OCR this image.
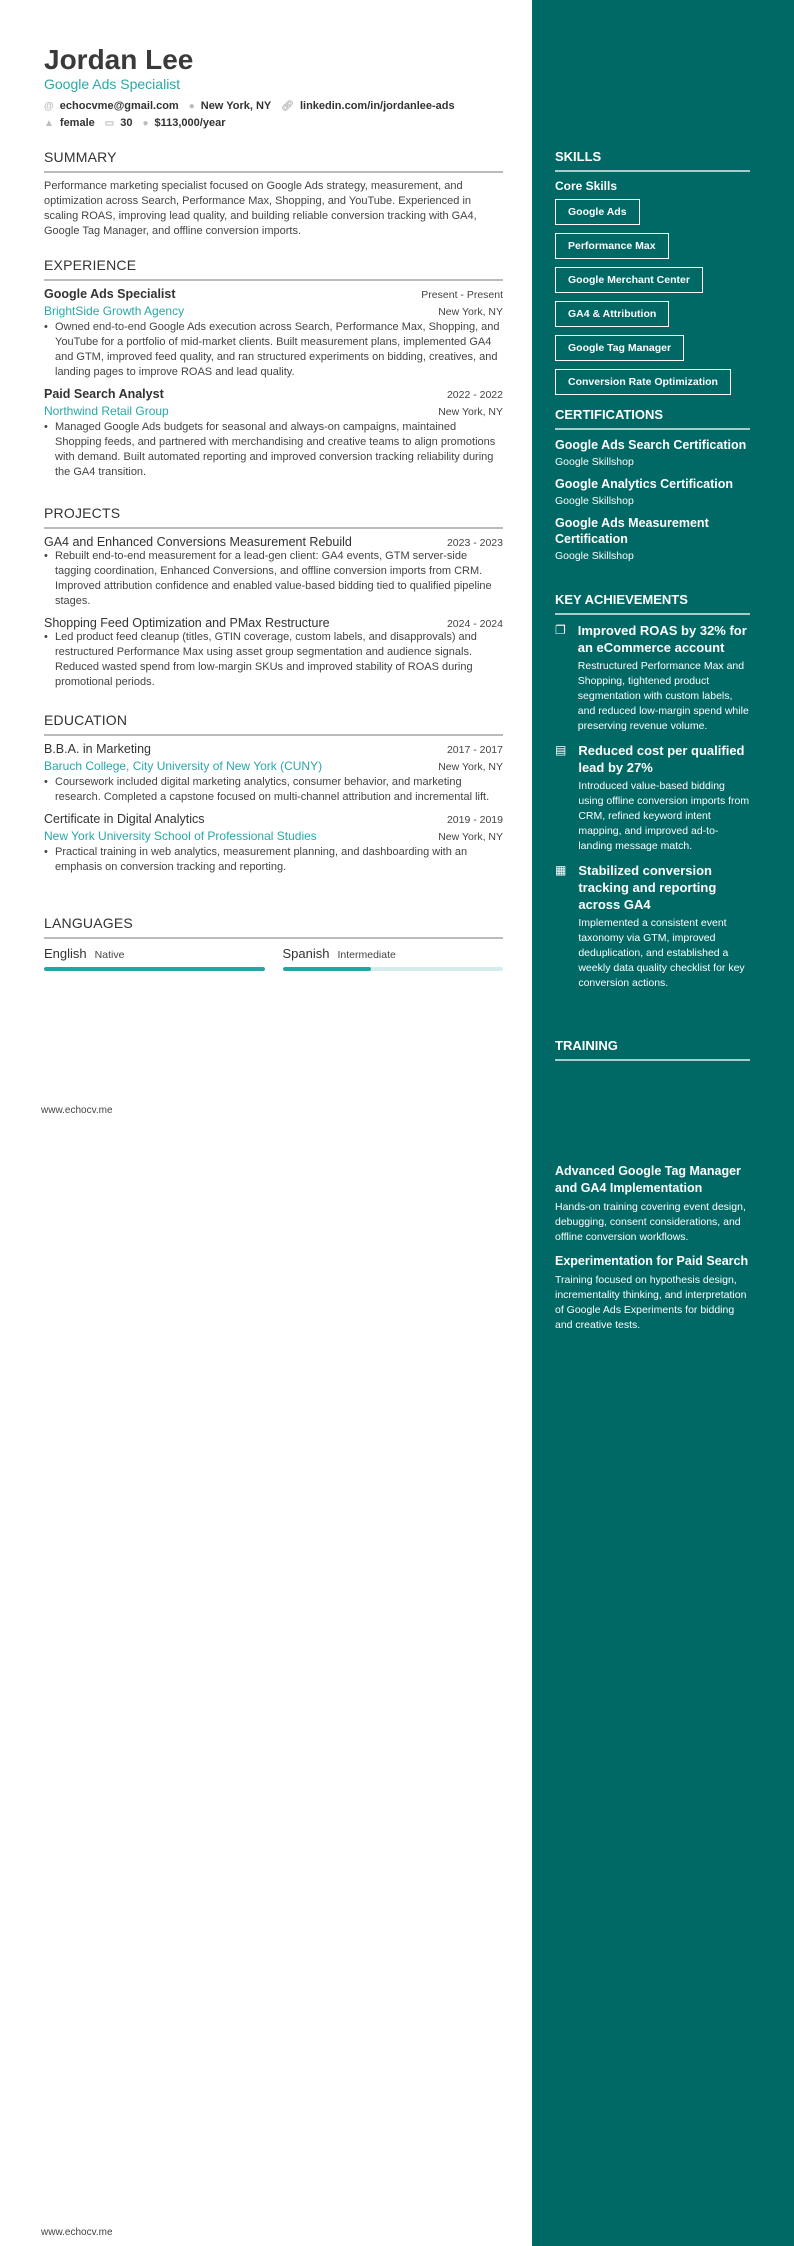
Jordan Lee
Google Ads Specialist
@ echocvme@gmail.com ● New York, NY 🔗︎ linkedin.com/in/jordanlee-ads
▲ female ▭ 30 ● $113,000/year
SUMMARY
Performance marketing specialist focused on Google Ads strategy, measurement, and optimization across Search, Performance Max, Shopping, and YouTube. Experienced in scaling ROAS, improving lead quality, and building reliable conversion tracking with GA4, Google Tag Manager, and offline conversion imports.
EXPERIENCE
Google Ads Specialist	Present - Present
BrightSide Growth Agency	New York, NY
• Owned end-to-end Google Ads execution across Search, Performance Max, Shopping, and YouTube for a portfolio of mid-market clients. Built measurement plans, implemented GA4 and GTM, improved feed quality, and ran structured experiments on bidding, creatives, and landing pages to improve ROAS and lead quality.
Paid Search Analyst	2022 - 2022
Northwind Retail Group	New York, NY
• Managed Google Ads budgets for seasonal and always-on campaigns, maintained Shopping feeds, and partnered with merchandising and creative teams to align promotions with demand. Built automated reporting and improved conversion tracking reliability during the GA4 transition.
PROJECTS
GA4 and Enhanced Conversions Measurement Rebuild	2023 - 2023
• Rebuilt end-to-end measurement for a lead-gen client: GA4 events, GTM server-side tagging coordination, Enhanced Conversions, and offline conversion imports from CRM. Improved attribution confidence and enabled value-based bidding tied to qualified pipeline stages.
Shopping Feed Optimization and PMax Restructure	2024 - 2024
• Led product feed cleanup (titles, GTIN coverage, custom labels, and disapprovals) and restructured Performance Max using asset group segmentation and audience signals. Reduced wasted spend from low-margin SKUs and improved stability of ROAS during promotional periods.
EDUCATION
B.B.A. in Marketing	2017 - 2017
Baruch College, City University of New York (CUNY)	New York, NY
• Coursework included digital marketing analytics, consumer behavior, and marketing research. Completed a capstone focused on multi-channel attribution and incremental lift.
Certificate in Digital Analytics	2019 - 2019
New York University School of Professional Studies	New York, NY
• Practical training in web analytics, measurement planning, and dashboarding with an emphasis on conversion tracking and reporting.
LANGUAGES
English Native	Spanish Intermediate
www.echocv.me
www.echocv.me
SKILLS
Core Skills
Google Ads
Performance Max
Google Merchant Center
GA4 & Attribution
Google Tag Manager
Conversion Rate Optimization
CERTIFICATIONS
Google Ads Search Certification
Google Skillshop
Google Analytics Certification
Google Skillshop
Google Ads Measurement Certification
Google Skillshop
KEY ACHIEVEMENTS
❐ Improved ROAS by 32% for an eCommerce account
Restructured Performance Max and Shopping, tightened product segmentation with custom labels, and reduced low-margin spend while preserving revenue volume.
▤ Reduced cost per qualified lead by 27%
Introduced value-based bidding using offline conversion imports from CRM, refined keyword intent mapping, and improved ad-to-landing message match.
▦ Stabilized conversion tracking and reporting across GA4
Implemented a consistent event taxonomy via GTM, improved deduplication, and established a weekly data quality checklist for key conversion actions.
TRAINING
Advanced Google Tag Manager and GA4 Implementation
Hands-on training covering event design, debugging, consent considerations, and offline conversion workflows.
Experimentation for Paid Search
Training focused on hypothesis design, incrementality thinking, and interpretation of Google Ads Experiments for bidding and creative tests.
